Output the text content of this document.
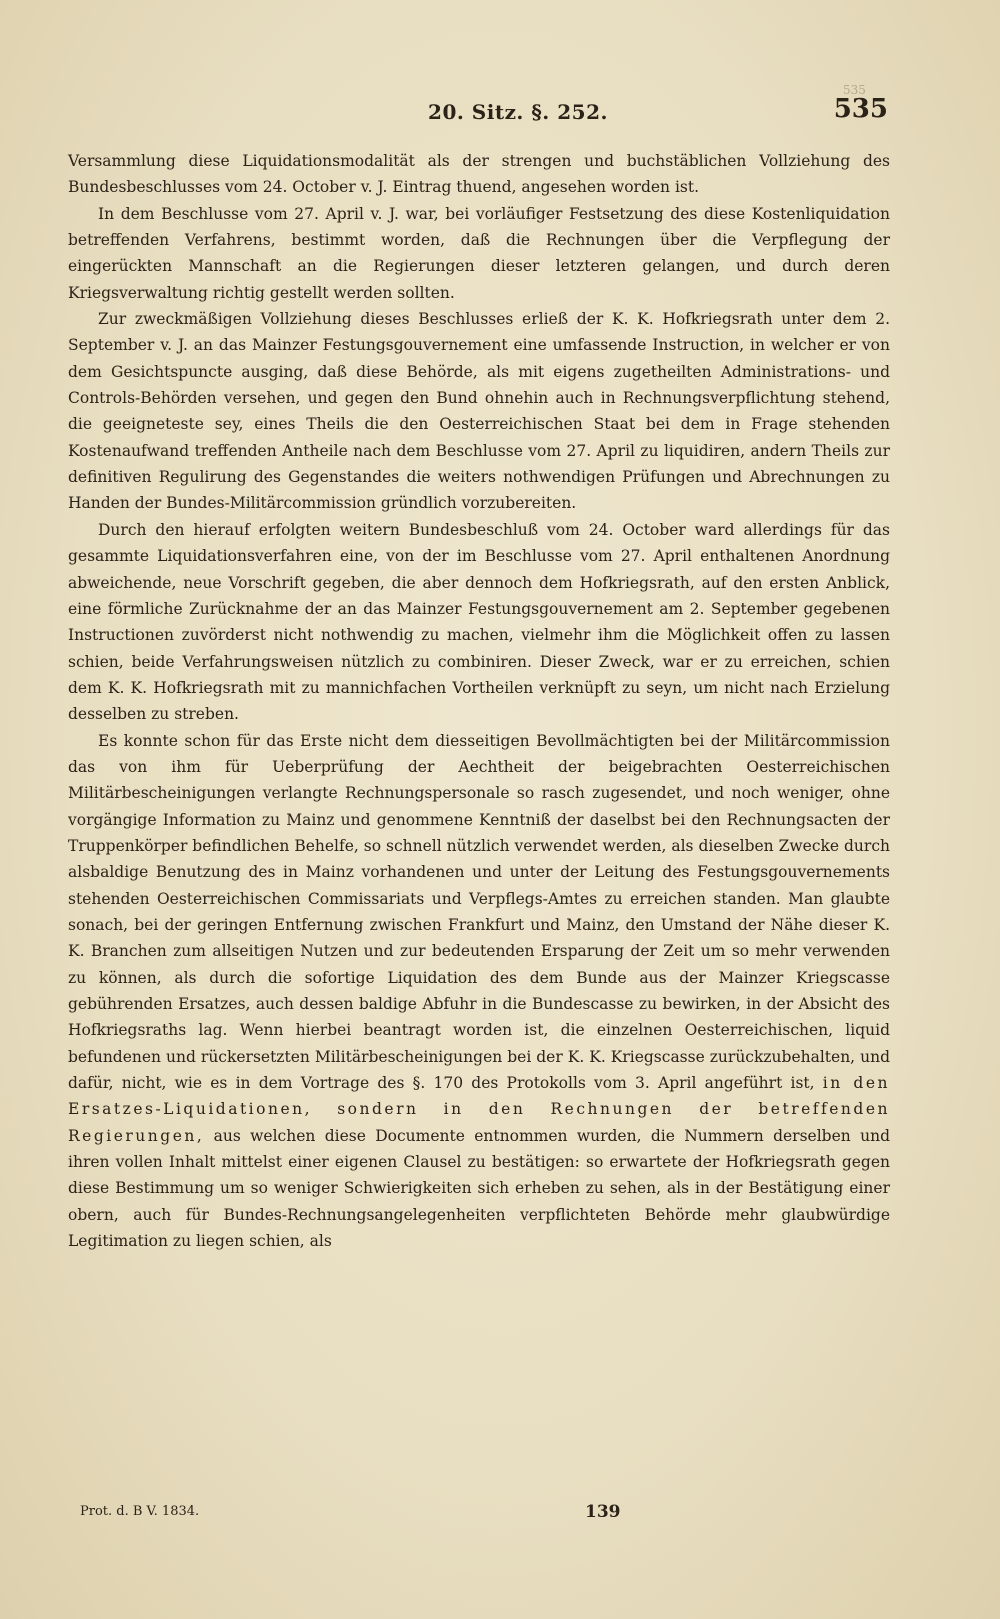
535
20. Sitz. §. 252.	535

Versammlung diese Liquidationsmodalität als der strengen und buchstäblichen Vollziehung des Bundesbeschlusses vom 24. October v. J. Eintrag thuend, angesehen worden ist.

In dem Beschlusse vom 27. April v. J. war, bei vorläufiger Festsetzung des diese Kostenliquidation betreffenden Verfahrens, bestimmt worden, daß die Rechnungen über die Verpflegung der eingerückten Mannschaft an die Regierungen dieser letzteren gelangen, und durch deren Kriegsverwaltung richtig gestellt werden sollten.

Zur zweckmäßigen Vollziehung dieses Beschlusses erließ der K. K. Hofkriegsrath unter dem 2. September v. J. an das Mainzer Festungsgouvernement eine umfassende Instruction, in welcher er von dem Gesichtspuncte ausging, daß diese Behörde, als mit eigens zugetheilten Administrations- und Controls-Behörden versehen, und gegen den Bund ohnehin auch in Rechnungsverpflichtung stehend, die geeigneteste sey, eines Theils die den Oesterreichischen Staat bei dem in Frage stehenden Kostenaufwand treffenden Antheile nach dem Beschlusse vom 27. April zu liquidiren, andern Theils zur definitiven Regulirung des Gegenstandes die weiters nothwendigen Prüfungen und Abrechnungen zu Handen der Bundes-Militärcommission gründlich vorzubereiten.

Durch den hierauf erfolgten weitern Bundesbeschluß vom 24. October ward allerdings für das gesammte Liquidationsverfahren eine, von der im Beschlusse vom 27. April enthaltenen Anordnung abweichende, neue Vorschrift gegeben, die aber dennoch dem Hofkriegsrath, auf den ersten Anblick, eine förmliche Zurücknahme der an das Mainzer Festungsgouvernement am 2. September gegebenen Instructionen zuvörderst nicht nothwendig zu machen, vielmehr ihm die Möglichkeit offen zu lassen schien, beide Verfahrungsweisen nützlich zu combiniren. Dieser Zweck, war er zu erreichen, schien dem K. K. Hofkriegsrath mit zu mannichfachen Vortheilen verknüpft zu seyn, um nicht nach Erzielung desselben zu streben.

Es konnte schon für das Erste nicht dem diesseitigen Bevollmächtigten bei der Militärcommission das von ihm für Ueberprüfung der Aechtheit der beigebrachten Oesterreichischen Militärbescheinigungen verlangte Rechnungspersonale so rasch zugesendet, und noch weniger, ohne vorgängige Information zu Mainz und genommene Kenntniß der daselbst bei den Rechnungsacten der Truppenkörper befindlichen Behelfe, so schnell nützlich verwendet werden, als dieselben Zwecke durch alsbaldige Benutzung des in Mainz vorhandenen und unter der Leitung des Festungsgouvernements stehenden Oesterreichischen Commissariats und Verpflegs-Amtes zu erreichen standen. Man glaubte sonach, bei der geringen Entfernung zwischen Frankfurt und Mainz, den Umstand der Nähe dieser K. K. Branchen zum allseitigen Nutzen und zur bedeutenden Ersparung der Zeit um so mehr verwenden zu können, als durch die sofortige Liquidation des dem Bunde aus der Mainzer Kriegscasse gebührenden Ersatzes, auch dessen baldige Abfuhr in die Bundescasse zu bewirken, in der Absicht des Hofkriegsraths lag. Wenn hierbei beantragt worden ist, die einzelnen Oesterreichischen, liquid befundenen und rückersetzten Militärbescheinigungen bei der K. K. Kriegscasse zurückzubehalten, und dafür, nicht, wie es in dem Vortrage des §. 170 des Protokolls vom 3. April angeführt ist, in den Ersatzes-Liquidationen, sondern in den Rechnungen der betreffenden Regierungen, aus welchen diese Documente entnommen wurden, die Nummern derselben und ihren vollen Inhalt mittelst einer eigenen Clausel zu bestätigen: so erwartete der Hofkriegsrath gegen diese Bestimmung um so weniger Schwierigkeiten sich erheben zu sehen, als in der Bestätigung einer obern, auch für Bundes-Rechnungsangelegenheiten verpflichteten Behörde mehr glaubwürdige Legitimation zu liegen schien, als

Prot. d. B V. 1834.	139
